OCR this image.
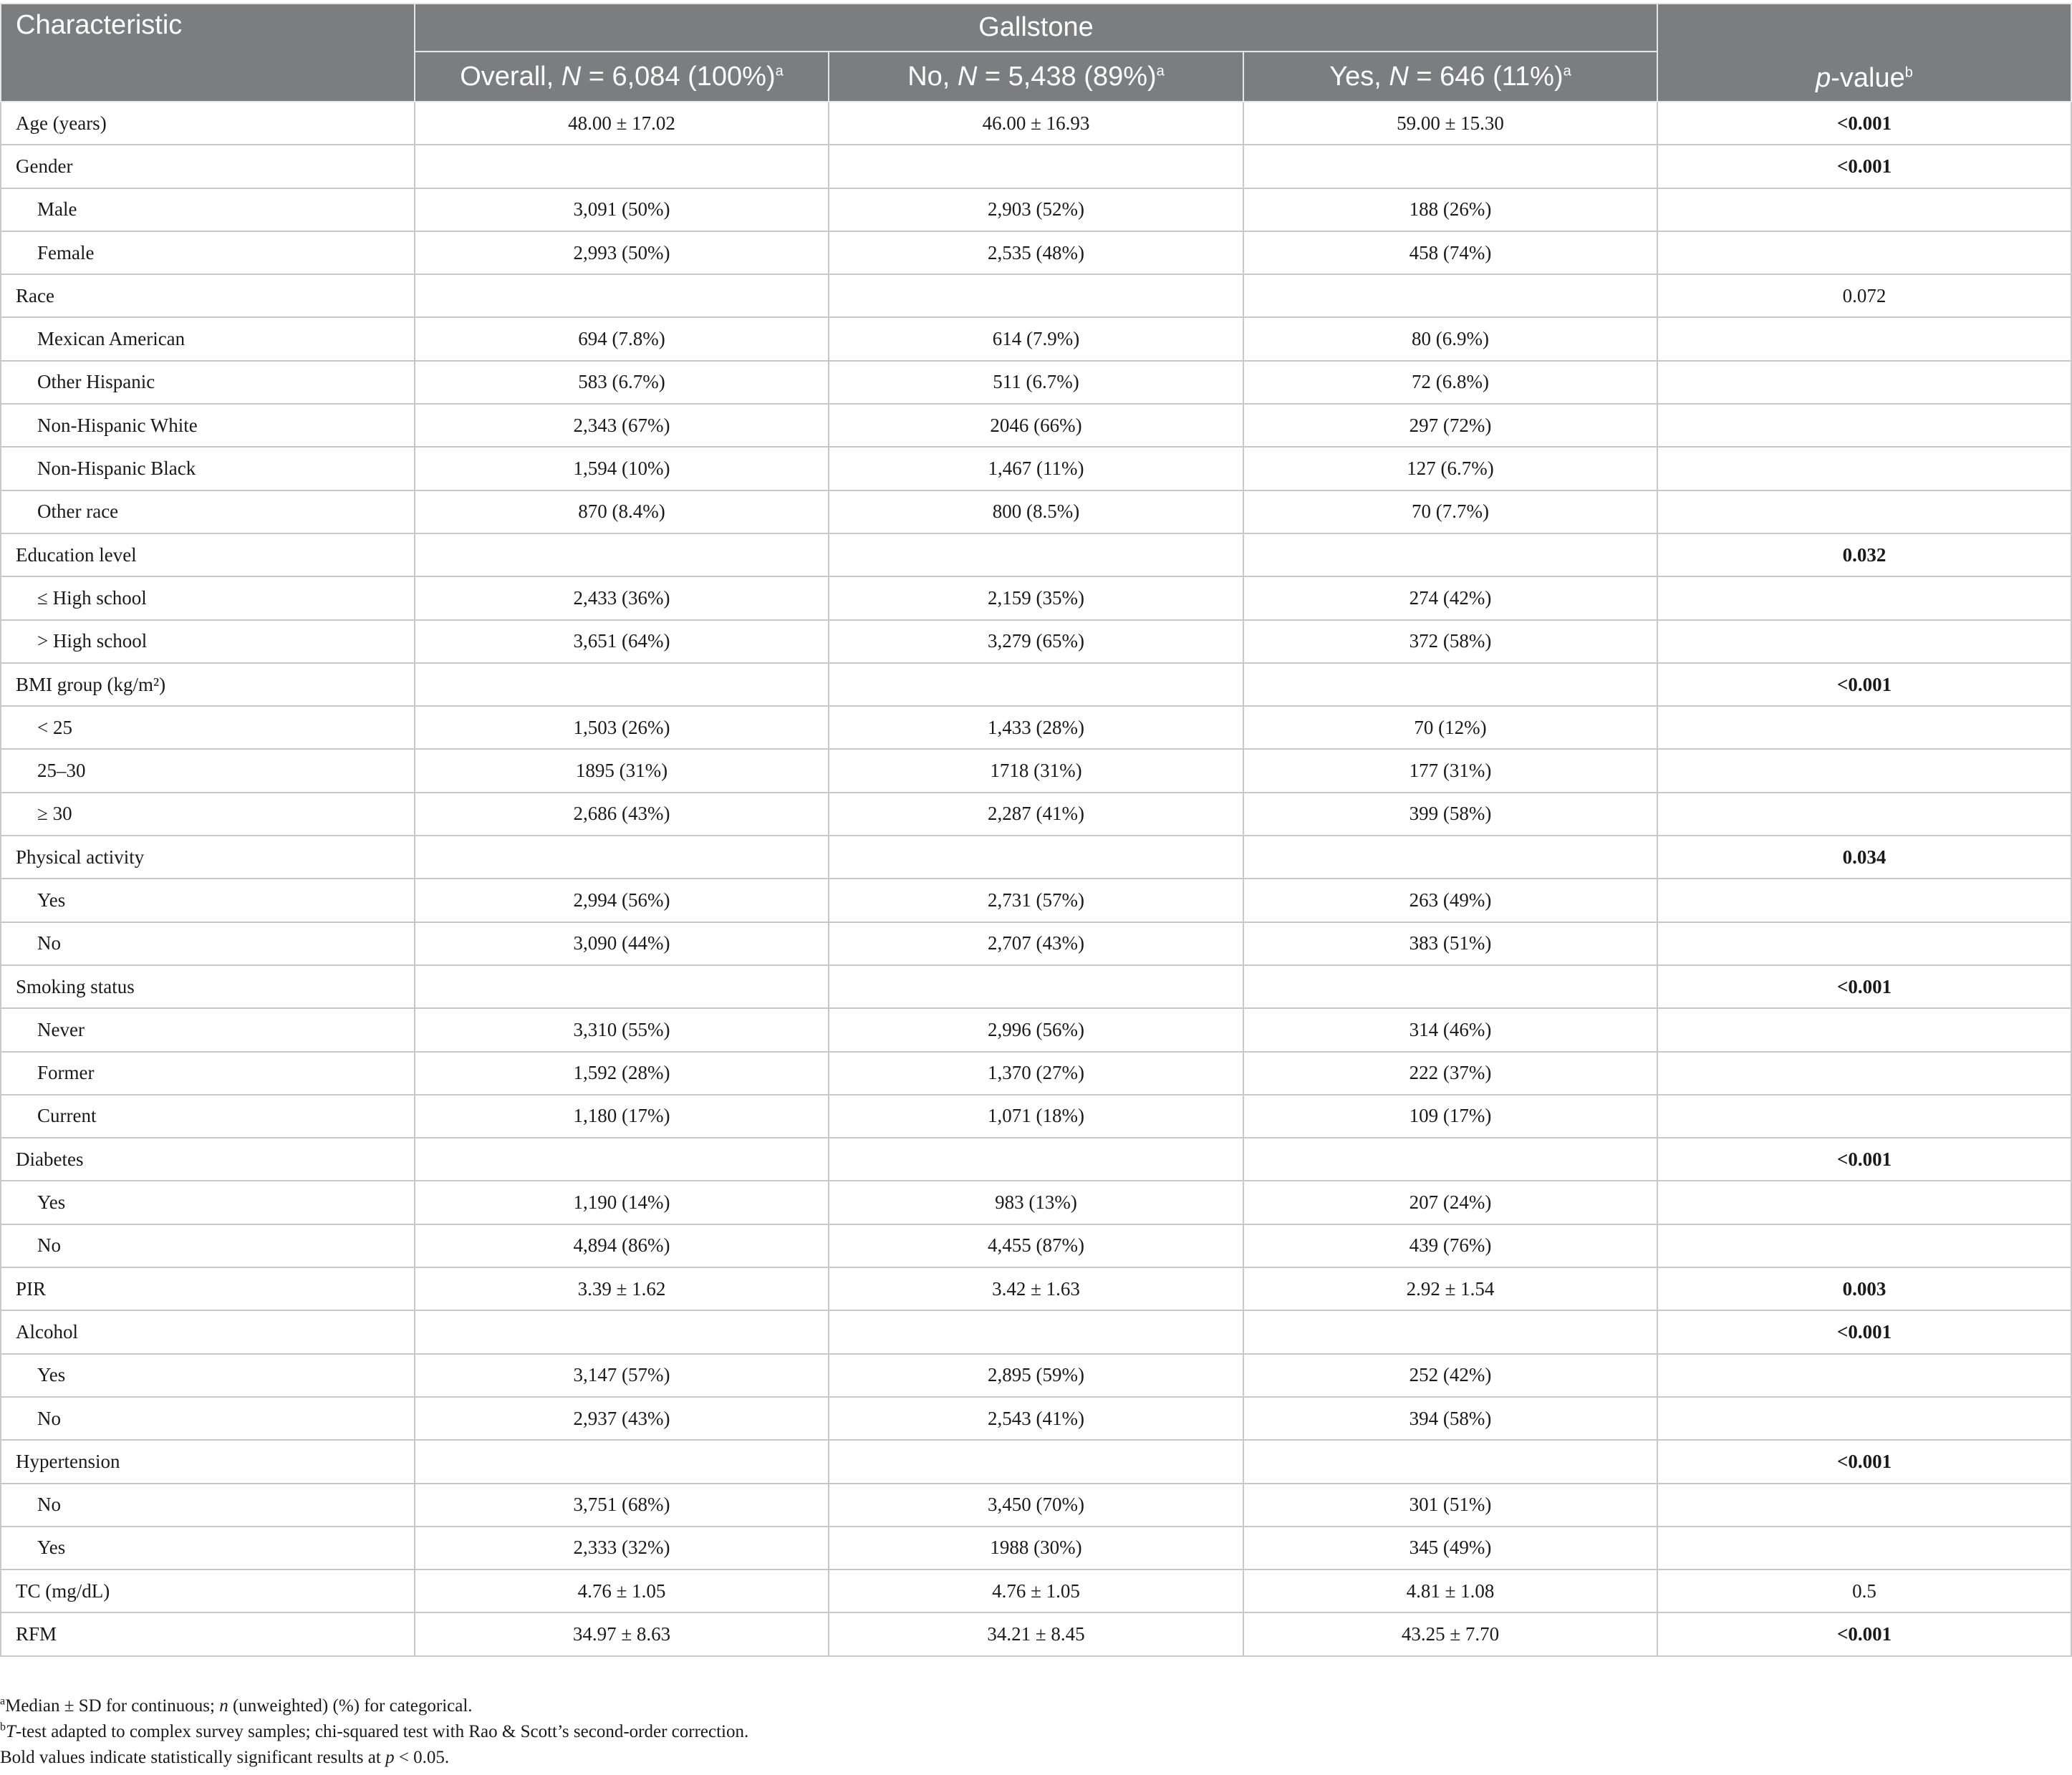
Characteristic	Gallstone			p-value$^b$
	Overall, N = 6,084 $(100\%)^a$	No, N = 5,438 $(89\%)^a$	Yes, N = 646 $(11\%)^a$
Age (years)	48.00 ± 17.02	46.00 ± 16.93	59.00 ± 15.30	<0.001
Gender				<0.001
Male	3,091 (50%)	2,903 (52%)	188 (26%)	
Female	2,993 (50%)	2,535 (48%)	458 (74%)	
Race				0.072
Mexican American	694 (7.8%)	614 (7.9%)	80 (6.9%)	
Other Hispanic	583 (6.7%)	511 (6.7%)	72 (6.8%)	
Non-Hispanic White	2,343 (67%)	2046 (66%)	297 (72%)	
Non-Hispanic Black	1,594 (10%)	1,467 (11%)	127 (6.7%)	
Other race	870 (8.4%)	800 (8.5%)	70 (7.7%)	
Education level				0.032
≤ High school	2,433 (36%)	2,159 (35%)	274 (42%)	
> High school	3,651 (64%)	3,279 (65%)	372 (58%)	
BMI group (kg/m²)				<0.001
< 25	1,503 (26%)	1,433 (28%)	70 (12%)	
25–30	1895 (31%)	1718 (31%)	177 (31%)	
≥ 30	2,686 (43%)	2,287 (41%)	399 (58%)	
Physical activity				0.034
Yes	2,994 (56%)	2,731 (57%)	263 (49%)	
No	3,090 (44%)	2,707 (43%)	383 (51%)	
Smoking status				<0.001
Never	3,310 (55%)	2,996 (56%)	314 (46%)	
Former	1,592 (28%)	1,370 (27%)	222 (37%)	
Current	1,180 (17%)	1,071 (18%)	109 (17%)	
Diabetes				<0.001
Yes	1,190 (14%)	983 (13%)	207 (24%)	
No	4,894 (86%)	4,455 (87%)	439 (76%)	
PIR	3.39 ± 1.62	3.42 ± 1.63	2.92 ± 1.54	0.003
Alcohol				<0.001
Yes	3,147 (57%)	2,895 (59%)	252 (42%)	
No	2,937 (43%)	2,543 (41%)	394 (58%)	
Hypertension				<0.001
No	3,751 (68%)	3,450 (70%)	301 (51%)	
Yes	2,333 (32%)	1988 (30%)	345 (49%)	
TC (mg/dL)	4.76 ± 1.05	4.76 ± 1.05	4.81 ± 1.08	0.5
RFM	34.97 ± 8.63	34.21 ± 8.45	43.25 ± 7.70	<0.001

$^a$Median ± SD for continuous; n (unweighted) (%) for categorical.

$^b$T-test adapted to complex survey samples; chi-squared test with Rao & Scott’s second-order correction.

Bold values indicate statistically significant results at p < 0.05.
